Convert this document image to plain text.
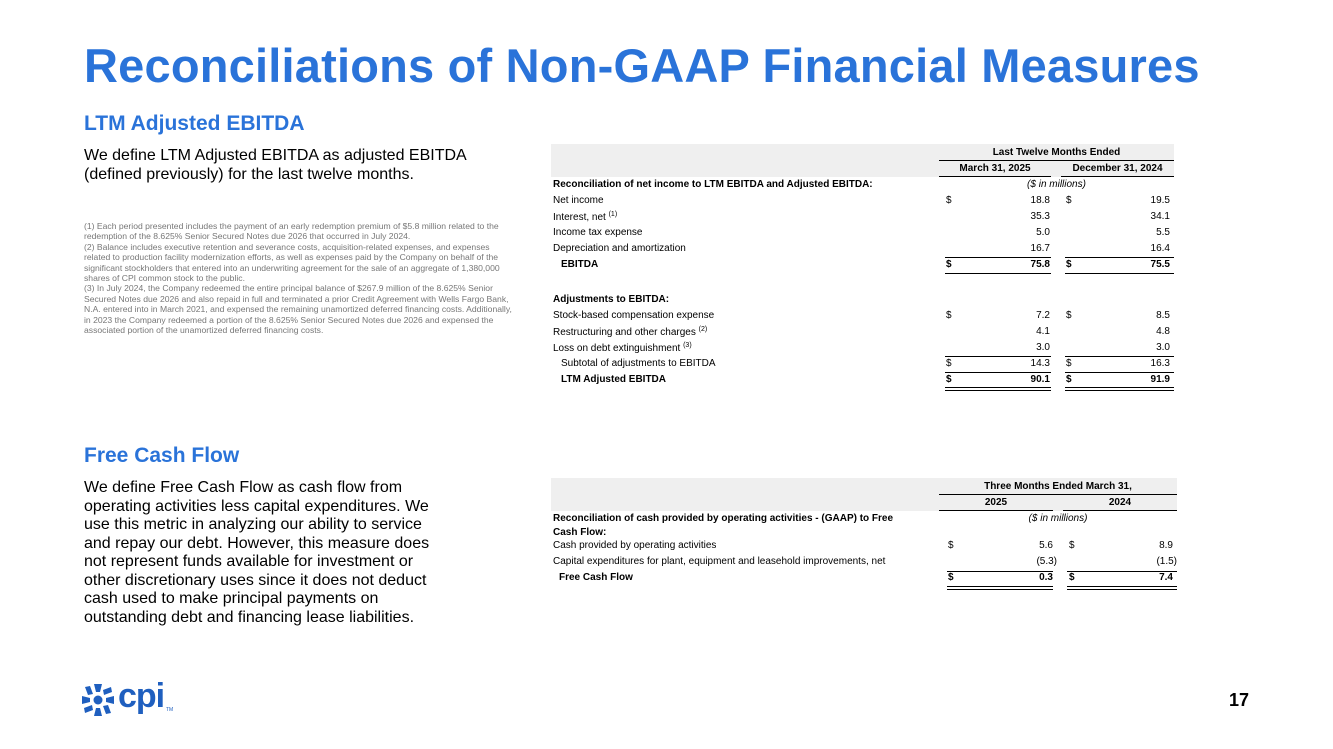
Reconciliations of Non-GAAP Financial Measures
LTM Adjusted EBITDA

We define LTM Adjusted EBITDA as adjusted EBITDA
(defined previously) for the last twelve months.

(1) Each period presented includes the payment of an early redemption premium of $5.8 million related to the redemption of the 8.625% Senior Secured Notes due 2026 that occurred in July 2024.
(2) Balance includes executive retention and severance costs, acquisition-related expenses, and expenses related to production facility modernization efforts, as well as expenses paid by the Company on behalf of the significant stockholders that entered into an underwriting agreement for the sale of an aggregate of 1,380,000 shares of CPI common stock to the public.
(3) In July 2024, the Company redeemed the entire principal balance of $267.9 million of the 8.625% Senior Secured Notes due 2026 and also repaid in full and terminated a prior Credit Agreement with Wells Fargo Bank, N.A. entered into in March 2021, and expensed the remaining unamortized deferred financing costs. Additionally, in 2023 the Company redeemed a portion of the 8.625% Senior Secured Notes due 2026 and expensed the associated portion of the unamortized deferred financing costs.
Last Twelve Months Ended
March 31, 2025	December 31, 2024
Reconciliation of net income to LTM EBITDA and Adjusted EBITDA:	($ in millions)
Net income	$	18.8 $	19.5
Interest, net $^{(1)}$	35.3	34.1
Income tax expense	5.0	5.5
Depreciation and amortization	16.7	16.4
EBITDA	$	75.8 $	75.5
Adjustments to EBITDA:
Stock-based compensation expense	$	7.2 $	8.5
Restructuring and other charges $^{(2)}$	4.1	4.8
Loss on debt extinguishment $^{(3)}$	3.0	3.0
Subtotal of adjustments to EBITDA	$	14.3 $	16.3
LTM Adjusted EBITDA	$	90.1 $	91.9
Free Cash Flow

We define Free Cash Flow as cash flow from
operating activities less capital expenditures. We
use this metric in analyzing our ability to service
and repay our debt. However, this measure does
not represent funds available for investment or
other discretionary uses since it does not deduct
cash used to make principal payments on
outstanding debt and financing lease liabilities.

Three Months Ended March 31,
2025	2024
Reconciliation of cash provided by operating activities - (GAAP) to Free
Cash Flow:
($ in millions)
Cash provided by operating activities	$	5.6 $	8.9
Capital expenditures for plant, equipment and leasehold improvements, net	(5.3)	(1.5)
Free Cash Flow	$	0.3 $	7.4
cpi TM	17
